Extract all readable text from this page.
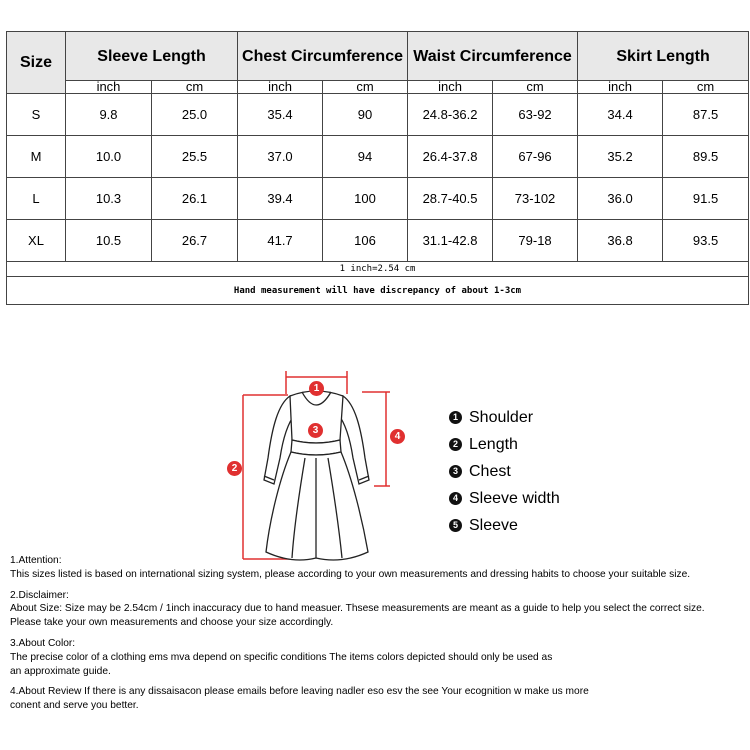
Size	Sleeve Length		Chest Circumference		Waist Circumference		Skirt Length	
	inch	cm	inch	cm	inch	cm	inch	cm
S	9.8	25.0	35.4	90	24.8-36.2	63-92	34.4	87.5
M	10.0	25.5	37.0	94	26.4-37.8	67-96	35.2	89.5
L	10.3	26.1	39.4	100	28.7-40.5	73-102	36.0	91.5
XL	10.5	26.7	41.7	106	31.1-42.8	79-18	36.8	93.5
1 inch=2.54 cm								
Hand measurement will have discrepancy of about 1-3cm								
1
2
3
4
1 Shoulder
2 Length
3 Chest
4 Sleeve width
5 Sleeve

1.Attention:

This sizes listed is based on international sizing system, please according to your own measurements and dressing habits to choose your suitable size.

2.Disclaimer:

About Size: Size may be 2.54cm / 1inch inaccuracy due to hand measuer. Thsese measurements are meant as a guide to help you select the correct size.

Please take your own measurements and choose your size accordingly.

3.About Color:

The precise color of a clothing ems mva depend on specific conditions The items colors depicted should only be used as

an approximate guide.

4.About Review If there is any dissaisacon please emails before leaving nadler eso esv the see Your ecognition w make us more

conent and serve you better.
